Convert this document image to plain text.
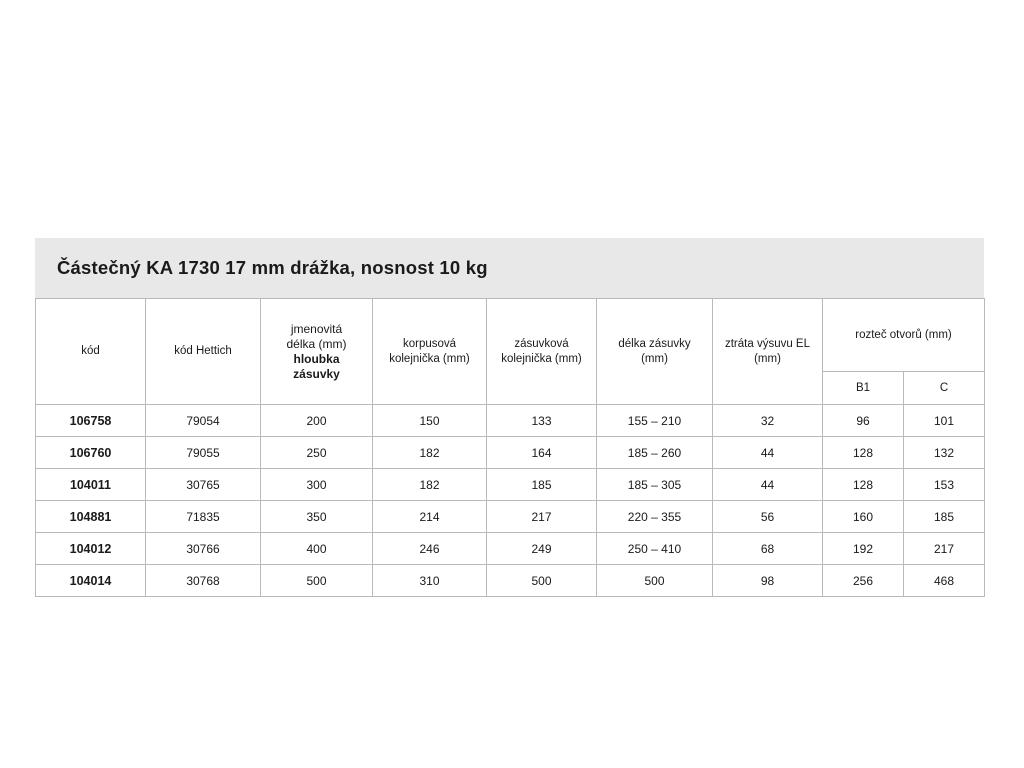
Částečný KA 1730 17 mm drážka, nosnost 10 kg
kód	kód Hettich	jmenovitá
délka (mm)
hloubka
zásuvky	korpusová
kolejnička (mm)	zásuvková
kolejnička (mm)	délka zásuvky
(mm)	ztráta výsuvu EL
(mm)	rozteč otvorů (mm)	

							B1	C

106758	79054	200	150	133	155 – 210	32	96	101
106760	79055	250	182	164	185 – 260	44	128	132
104011	30765	300	182	185	185 – 305	44	128	153
104881	71835	350	214	217	220 – 355	56	160	185
104012	30766	400	246	249	250 – 410	68	192	217
104014	30768	500	310	500	500	98	256	468
